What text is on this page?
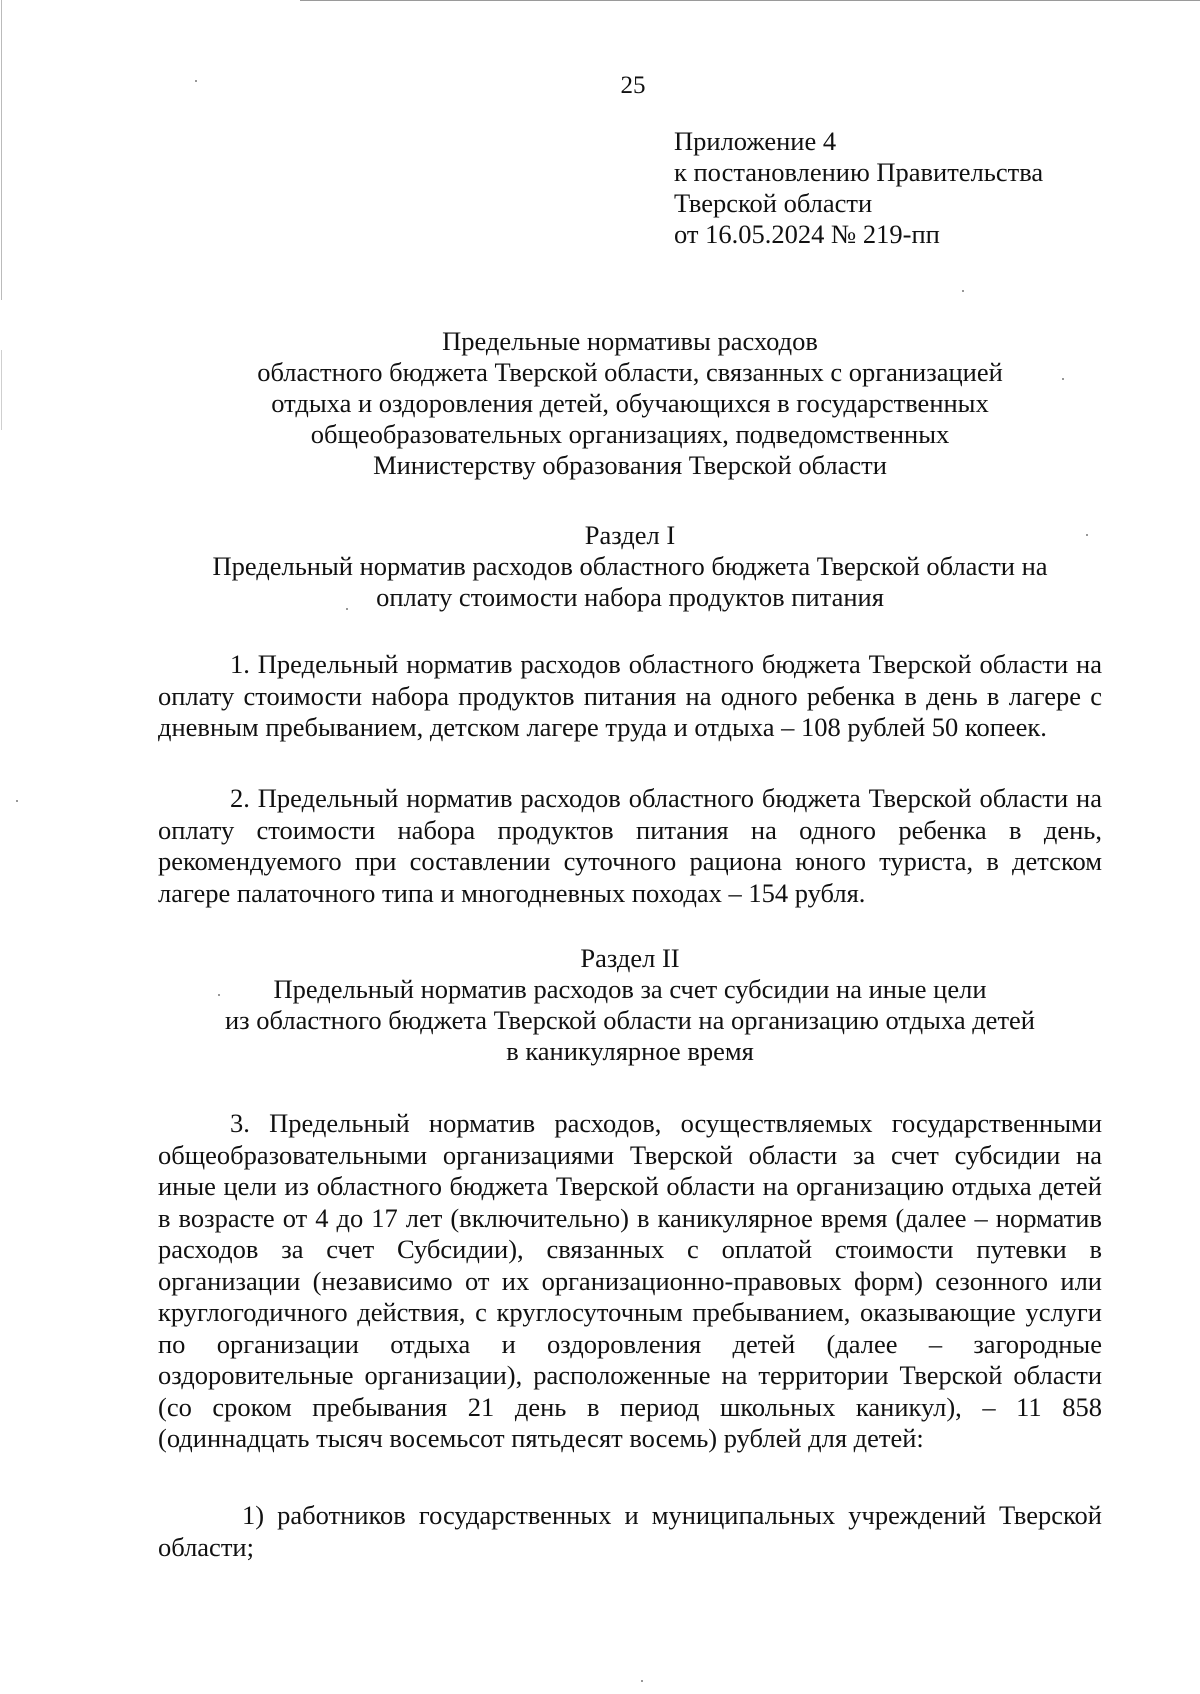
25
Приложение 4
к постановлению Правительства
Тверской области
от 16.05.2024 № 219-пп
Предельные нормативы расходов
областного бюджета Тверской области, связанных с организацией
отдыха и оздоровления детей, обучающихся в государственных
общеобразовательных организациях, подведомственных
Министерству образования Тверской области
Раздел I
Предельный норматив расходов областного бюджета Тверской области на
оплату стоимости набора продуктов питания

1. Предельный норматив расходов областного бюджета Тверской области на оплату стоимости набора продуктов питания на одного ребенка в день в лагере с дневным пребыванием, детском лагере труда и отдыха – 108 рублей 50 копеек.

2. Предельный норматив расходов областного бюджета Тверской области на оплату стоимости набора продуктов питания на одного ребенка в день, рекомендуемого при составлении суточного рациона юного туриста, в детском лагере палаточного типа и многодневных походах – 154 рубля.

Раздел II
Предельный норматив расходов за счет субсидии на иные цели
из областного бюджета Тверской области на организацию отдыха детей
в каникулярное время

3. Предельный норматив расходов, осуществляемых государственными общеобразовательными организациями Тверской области за счет субсидии на иные цели из областного бюджета Тверской области на организацию отдыха детей в возрасте от 4 до 17 лет (включительно) в каникулярное время (далее – норматив расходов за счет Субсидии), связанных с оплатой стоимости путевки в организации (независимо от их организационно-правовых форм) сезонного или круглогодичного действия, с круглосуточным пребыванием, оказывающие услуги по организации отдыха и оздоровления детей (далее – загородные оздоровительные организации), расположенные на территории Тверской области (со сроком пребывания 21 день в период школьных каникул), – 11 858 (одиннадцать тысяч восемьсот пятьдесят восемь) рублей для детей:

1) работников государственных и муниципальных учреждений Тверской области;
